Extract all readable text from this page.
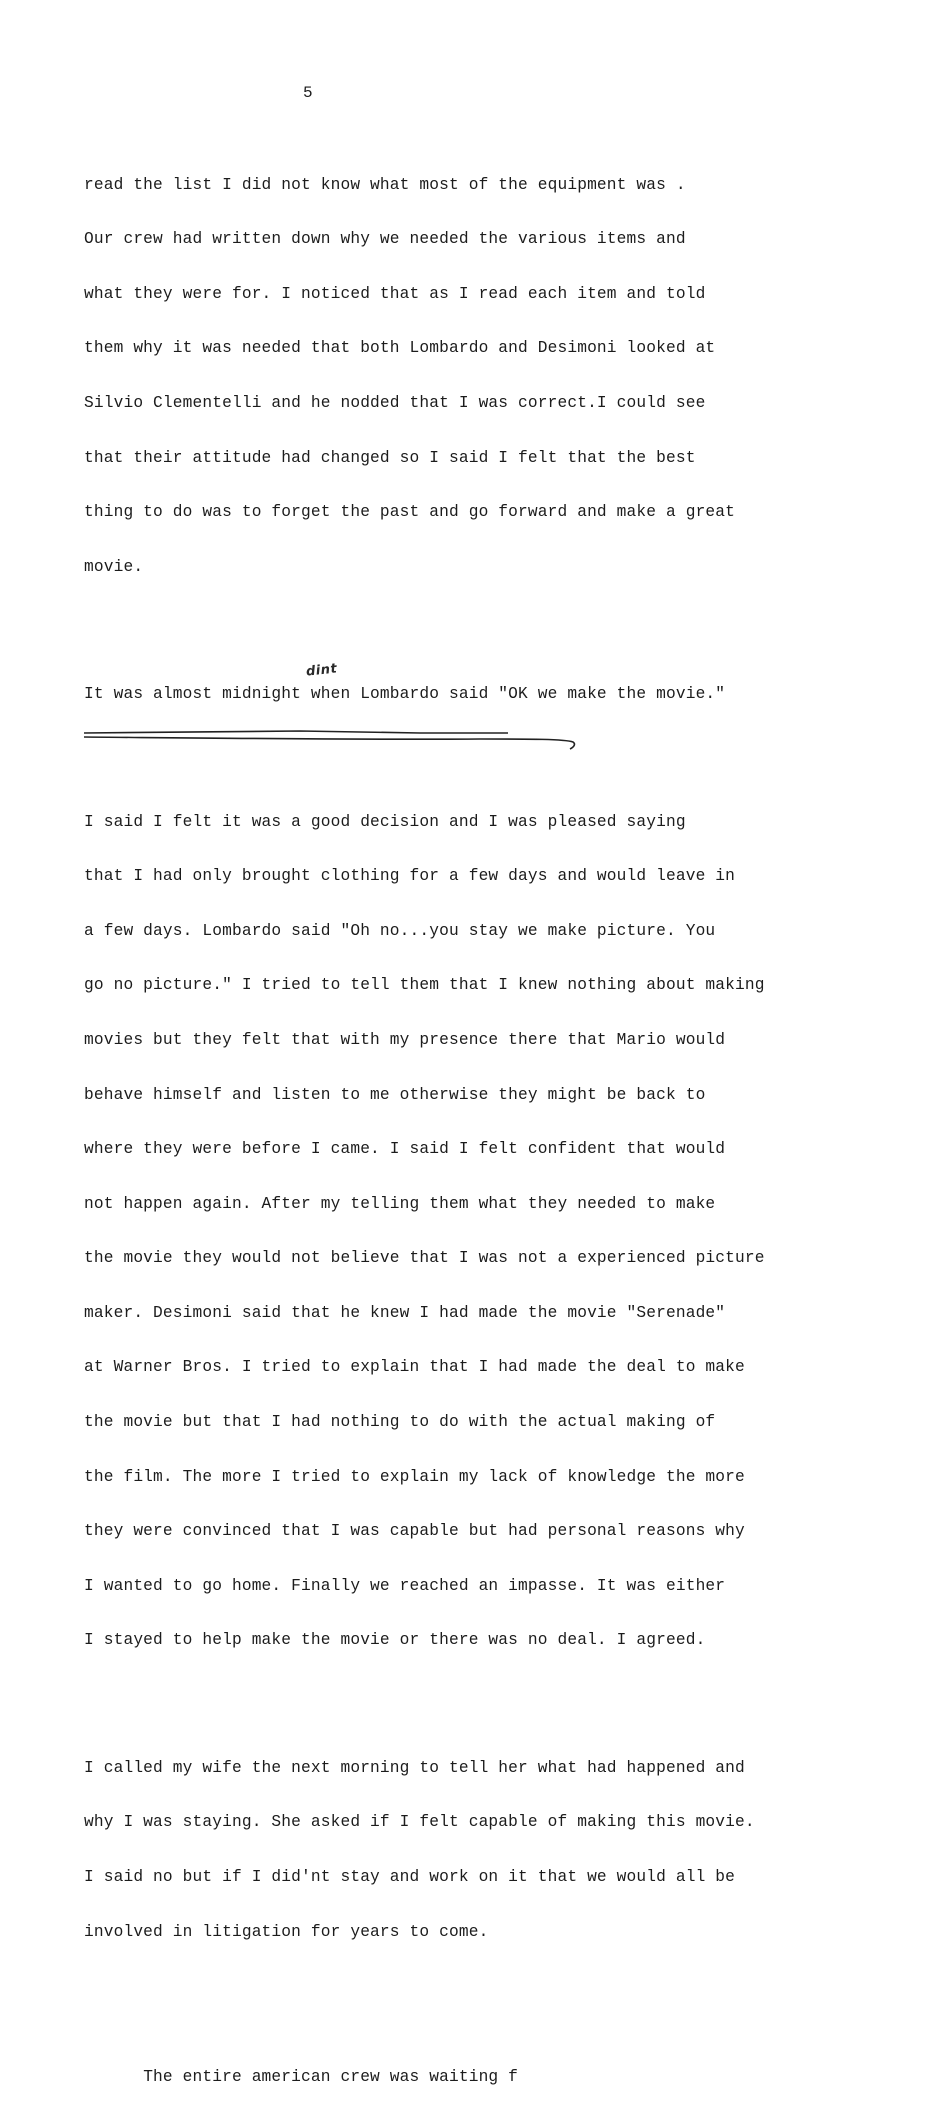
5

read the list I did not know what most of the equipment was .

Our crew had written down why we needed the various items and

what they were for. I noticed that as I read each item and told

them why it was needed that both Lombardo and Desimoni looked at

Silvio Clementelli and he nodded that I was correct.I could see

that their attitude had changed so I said I felt that the best

thing to do was to forget the past and go forward and make a great

movie.

It was almost midnight when Lombardo said "OK we make the movie."

I said I felt it was a good decision and I was pleased saying

that I had only brought clothing for a few days and would leave in

a few days. Lombardo said "Oh no...you stay we make picture. You

go no picture." I tried to tell them that I knew nothing about making

movies but they felt that with my presence there that Mario would

behave himself and listen to me otherwise they might be back to

where they were before I came. I said I felt confident that would

not happen again. After my telling them what they needed to make

the movie they would not believe that I was not a experienced picture

maker. Desimoni said that he knew I had made the movie "Serenade"

at Warner Bros. I tried to explain that I had made the deal to make

the movie but that I had nothing to do with the actual making of

the film. The more I tried to explain my lack of knowledge the more

they were convinced that I was capable but had personal reasons why

I wanted to go home. Finally we reached an impasse. It was either

I stayed to help make the movie or there was no deal. I agreed.

I called my wife the next morning to tell her what had happened and

why I was staying. She asked if I felt capable of making this movie.

I said no but if I did'nt stay and work on it that we would all be

involved in litigation for years to come.

The entire american crew was waiting f

dint
